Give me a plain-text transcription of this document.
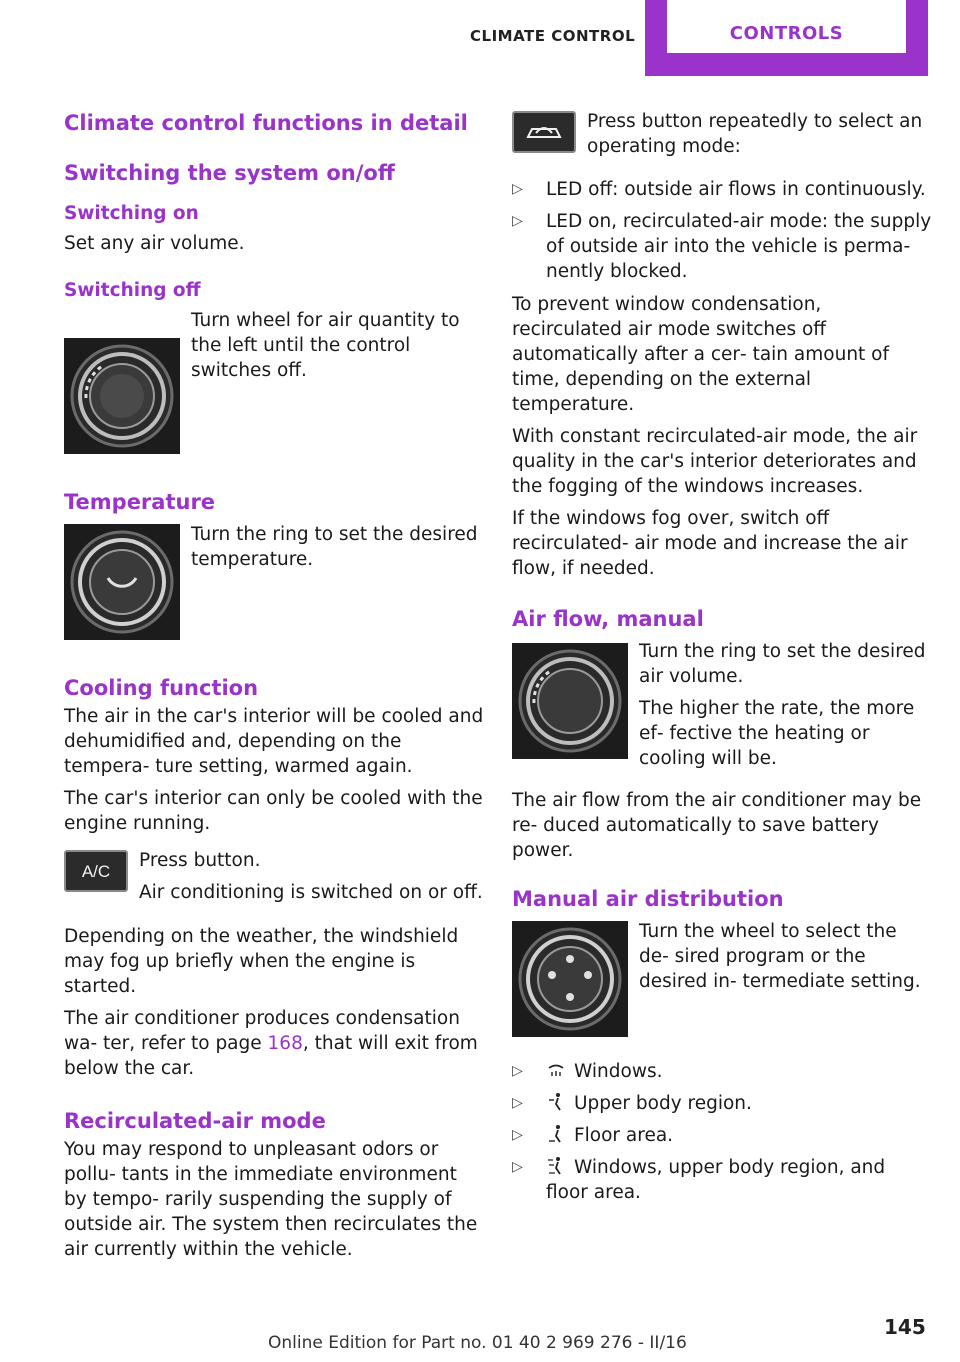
CLIMATE CONTROL	CONTROLS
Climate control functions in detail
Switching the system on/off
Switching on

Set any air volume.

Switching off
Turn wheel for air quantity to the left until the control switches off.
Temperature
Turn the ring to set the desired temperature.
Cooling function

The air in the car's interior will be cooled and dehumidified and, depending on the tempera‐ ture setting, warmed again.

The car's interior can only be cooled with the engine running.

A/C

Press button.

Air conditioning is switched on or off.

Depending on the weather, the windshield may fog up briefly when the engine is started.

The air conditioner produces condensation wa‐ ter, refer to page 168, that will exit from below the car.

Recirculated-air mode

You may respond to unpleasant odors or pollu‐ tants in the immediate environment by tempo‐ rarily suspending the supply of outside air. The system then recirculates the air currently within the vehicle.

Press button repeatedly to select an operating mode:
▷ LED off: outside air flows in continuously.
▷ LED on, recirculated-air mode: the supply of outside air into the vehicle is perma‐ nently blocked.

To prevent window condensation, recirculated air mode switches off automatically after a cer‐ tain amount of time, depending on the external temperature.

With constant recirculated-air mode, the air quality in the car's interior deteriorates and the fogging of the windows increases.

If the windows fog over, switch off recirculated- air mode and increase the air flow, if needed.

Air flow, manual

Turn the ring to set the desired air volume.

The higher the rate, the more ef‐ fective the heating or cooling will be.

The air flow from the air conditioner may be re‐ duced automatically to save battery power.

Manual air distribution
Turn the wheel to select the de‐ sired program or the desired in‐ termediate setting.
▷	Windows.
▷	Upper body region.
▷	Floor area.
▷	Windows, upper body region, and floor area.
145
Online Edition for Part no. 01 40 2 969 276 - II/16
